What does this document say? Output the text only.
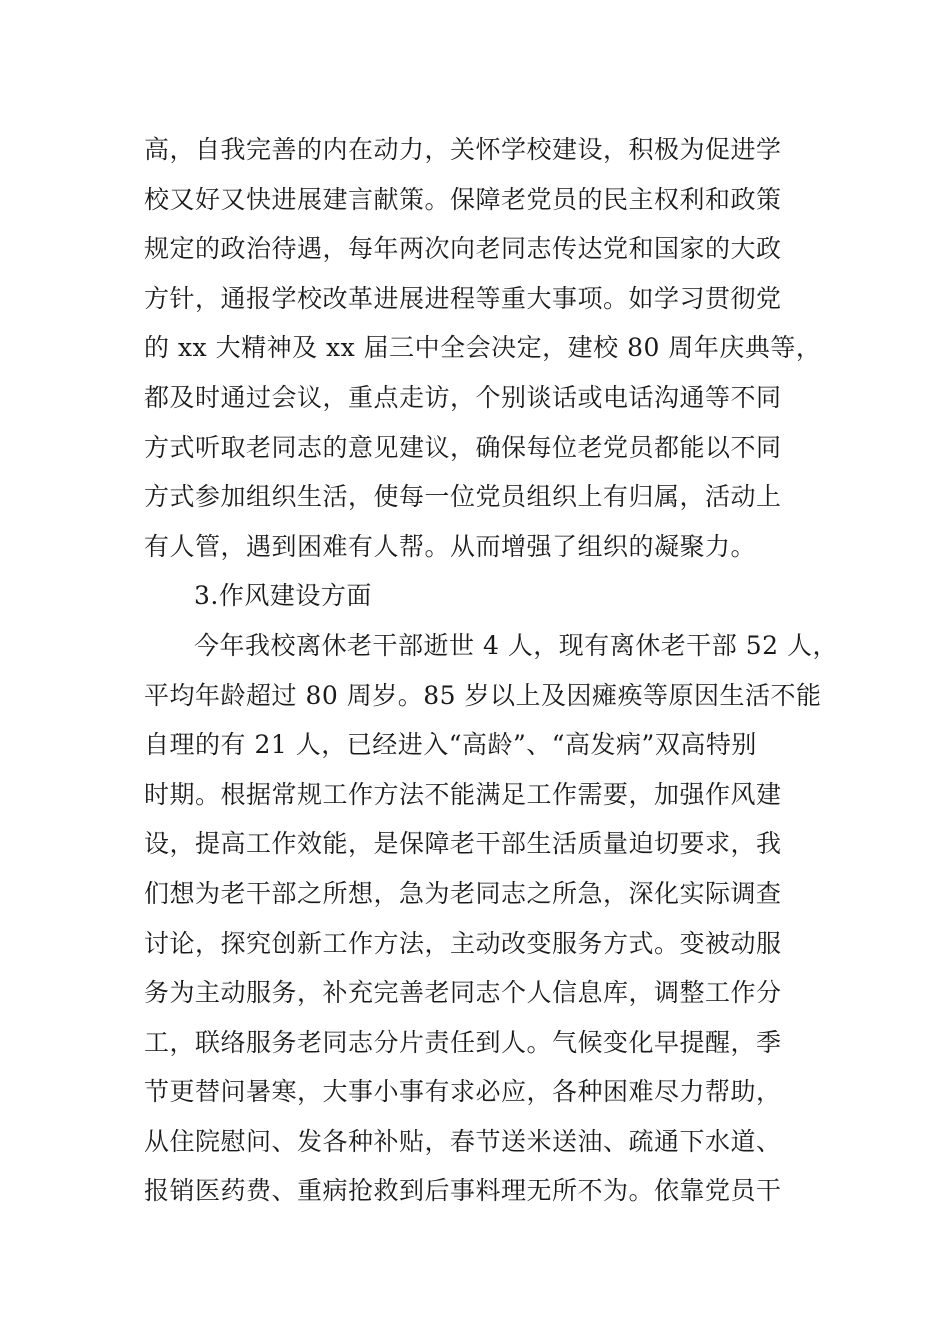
高，自我完善的内在动力，关怀学校建设，积极为促进学
校又好又快进展建言献策。保障老党员的民主权利和政策
规定的政治待遇，每年两次向老同志传达党和国家的大政
方针，通报学校改革进展进程等重大事项。如学习贯彻党
的 xx 大精神及 xx 届三中全会决定，建校 80 周年庆典等，
都及时通过会议，重点走访，个别谈话或电话沟通等不同
方式听取老同志的意见建议，确保每位老党员都能以不同
方式参加组织生活，使每一位党员组织上有归属，活动上
有人管，遇到困难有人帮。从而增强了组织的凝聚力。
3.作风建设方面
今年我校离休老干部逝世 4 人，现有离休老干部 52 人，
平均年龄超过 80 周岁。85 岁以上及因瘫痪等原因生活不能
自理的有 21 人，已经进入“高龄”、“高发病”双高特别
时期。根据常规工作方法不能满足工作需要，加强作风建
设，提高工作效能，是保障老干部生活质量迫切要求，我
们想为老干部之所想，急为老同志之所急，深化实际调查
讨论，探究创新工作方法，主动改变服务方式。变被动服
务为主动服务，补充完善老同志个人信息库，调整工作分
工，联络服务老同志分片责任到人。气候变化早提醒，季
节更替问暑寒，大事小事有求必应，各种困难尽力帮助，
从住院慰问、发各种补贴，春节送米送油、疏通下水道、
报销医药费、重病抢救到后事料理无所不为。依靠党员干
